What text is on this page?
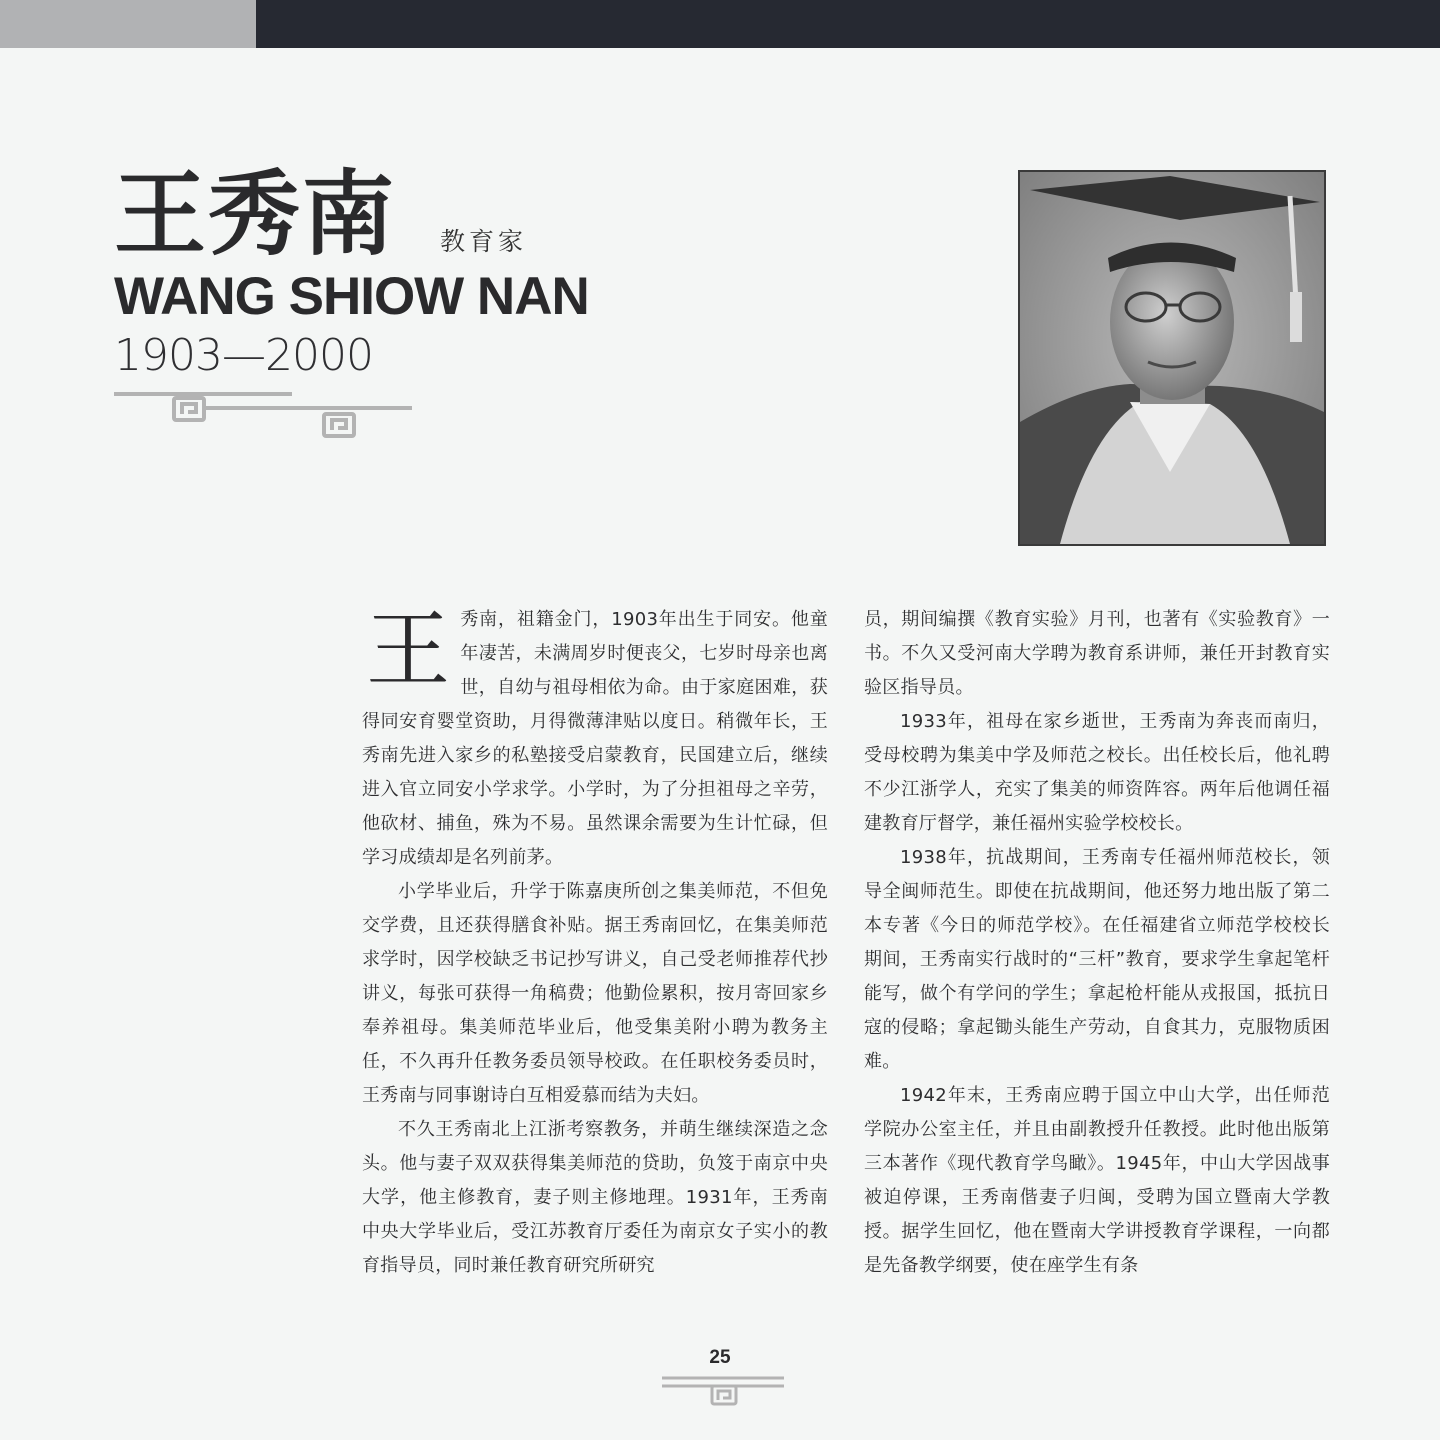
王秀南 教育家
WANG SHIOW NAN
1903—2000

王秀南，祖籍金门，1903年出生于同安。他童年凄苦，未满周岁时便丧父，七岁时母亲也离世，自幼与祖母相依为命。由于家庭困难，获得同安育婴堂资助，月得微薄津贴以度日。稍微年长，王秀南先进入家乡的私塾接受启蒙教育，民国建立后，继续进入官立同安小学求学。小学时，为了分担祖母之辛劳，他砍材、捕鱼，殊为不易。虽然课余需要为生计忙碌，但学习成绩却是名列前茅。

小学毕业后，升学于陈嘉庚所创之集美师范，不但免交学费，且还获得膳食补贴。据王秀南回忆，在集美师范求学时，因学校缺乏书记抄写讲义，自己受老师推荐代抄讲义，每张可获得一角稿费；他勤俭累积，按月寄回家乡奉养祖母。集美师范毕业后，他受集美附小聘为教务主任，不久再升任教务委员领导校政。在任职校务委员时，王秀南与同事谢诗白互相爱慕而结为夫妇。

不久王秀南北上江浙考察教务，并萌生继续深造之念头。他与妻子双双获得集美师范的贷助，负笈于南京中央大学，他主修教育，妻子则主修地理。1931年，王秀南中央大学毕业后，受江苏教育厅委任为南京女子实小的教育指导员，同时兼任教育研究所研究

员，期间编撰《教育实验》月刊，也著有《实验教育》一书。不久又受河南大学聘为教育系讲师，兼任开封教育实验区指导员。

1933年，祖母在家乡逝世，王秀南为奔丧而南归，受母校聘为集美中学及师范之校长。出任校长后，他礼聘不少江浙学人，充实了集美的师资阵容。两年后他调任福建教育厅督学，兼任福州实验学校校长。

1938年，抗战期间，王秀南专任福州师范校长，领导全闽师范生。即使在抗战期间，他还努力地出版了第二本专著《今日的师范学校》。在任福建省立师范学校校长期间，王秀南实行战时的“三杆”教育，要求学生拿起笔杆能写，做个有学问的学生；拿起枪杆能从戎报国，抵抗日寇的侵略；拿起锄头能生产劳动，自食其力，克服物质困难。

1942年末，王秀南应聘于国立中山大学，出任师范学院办公室主任，并且由副教授升任教授。此时他出版第三本著作《现代教育学鸟瞰》。1945年，中山大学因战事被迫停课，王秀南偕妻子归闽，受聘为国立暨南大学教授。据学生回忆，他在暨南大学讲授教育学课程，一向都是先备教学纲要，使在座学生有条

25
